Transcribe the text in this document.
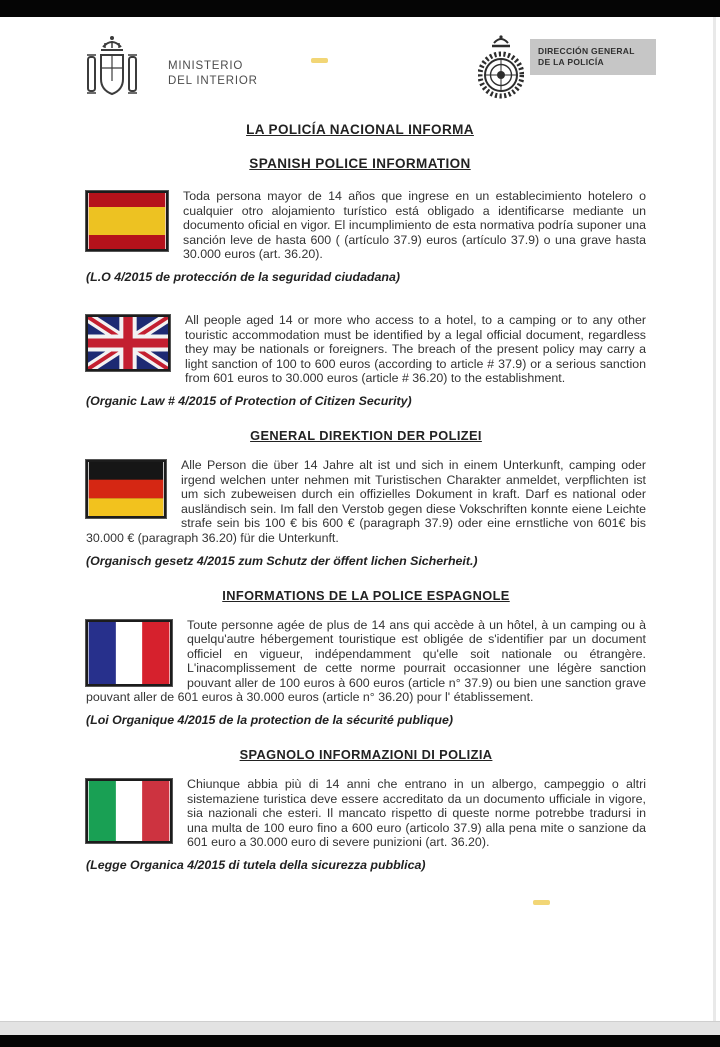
MINISTERIO
DEL INTERIOR
DIRECCIÓN GENERAL
DE LA POLICÍA
LA POLICÍA NACIONAL INFORMA
SPANISH POLICE INFORMATION

Toda persona mayor de 14 años que ingrese en un establecimiento hotelero o cualquier otro alojamiento turístico está obligado a identificarse mediante un documento oficial en vigor. El incumplimiento de esta normativa podría suponer una sanción leve de hasta 600 ( (artículo 37.9) euros (artículo 37.9) o una grave hasta 30.000 euros (art. 36.20).

(L.O 4/2015 de protección de la seguridad ciudadana)

All people aged 14 or more who access to a hotel, to a camping or to any other touristic accommodation must be identified by a legal official document, regardless they may be nationals or foreigners. The breach of the present policy may carry a light sanction of 100 to 600 euros (according to article # 37.9) or a serious sanction from 601 euros to 30.000 euros (article # 36.20) to the establishment.

(Organic Law # 4/2015 of Protection of Citizen Security)
GENERAL DIREKTION DER POLIZEI

Alle Person die über 14 Jahre alt ist und sich in einem Unterkunft, camping oder irgend welchen unter nehmen mit Turistischen Charakter anmeldet, verpflichten ist um sich zubeweisen durch ein offizielles Dokument in kraft. Darf es national oder ausländisch sein. Im fall den Verstob gegen diese Vokschriften konnte eiene Leichte strafe sein bis 100 € bis 600 € (paragraph 37.9) oder eine ernstliche von 601€ bis 30.000 € (paragraph 36.20) für die Unterkunft.

(Organisch gesetz 4/2015 zum Schutz der öffent lichen Sicherheit.)
INFORMATIONS DE LA POLICE ESPAGNOLE

Toute personne agée de plus de 14 ans qui accède à un hôtel, à un camping ou à quelqu'autre hébergement touristique est obligée de s'identifier par un document officiel en vigueur, indépendamment qu'elle soit nationale ou étrangère. L'inacomplissement de cette norme pourrait occasionner une légère sanction pouvant aller de 100 euros à 600 euros (article n° 37.9) ou bien une sanction grave pouvant aller de 601 euros à 30.000 euros (article n° 36.20) pour l' établissement.

(Loi Organique 4/2015 de la protection de la sécurité publique)
SPAGNOLO INFORMAZIONI DI POLIZIA

Chiunque abbia più di 14 anni che entrano in un albergo, campeggio o altri sistemaziene turistica deve essere accreditato da un documento ufficiale in vigore, sia nazionali che esteri. Il mancato rispetto di queste norme potrebbe tradursi in una multa de 100 euro fino a 600 euro (articolo 37.9) alla pena mite o sanzione da 601 euro a 30.000 euro di severe punizioni (art. 36.20).

(Legge Organica 4/2015 di tutela della sicurezza pubblica)
